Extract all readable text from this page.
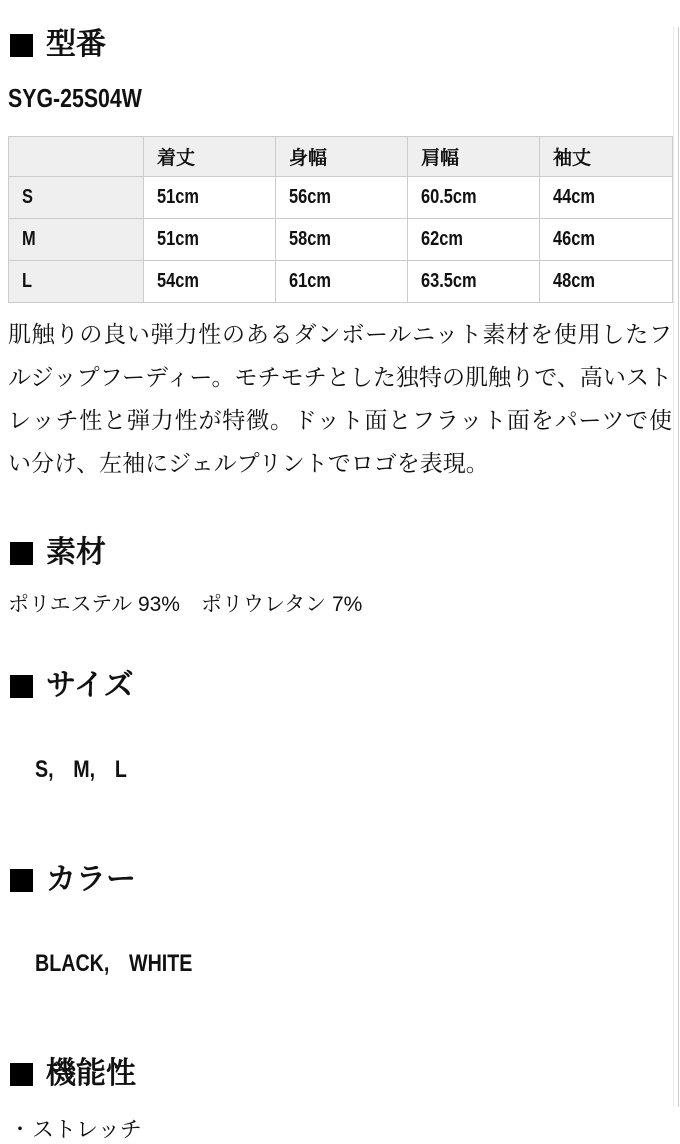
型番

SYG-25S04W

	着丈	身幅	肩幅	袖丈
S	51cm	56cm	60.5cm	44cm
M	51cm	58cm	62cm	46cm
L	54cm	61cm	63.5cm	48cm

肌触りの良い弾力性のあるダンボールニット素材を使用したフルジップフーディー。モチモチとした独特の肌触りで、高いストレッチ性と弾力性が特徴。ドット面とフラット面をパーツで使い分け、左袖にジェルプリントでロゴを表現。

素材

ポリエステル 93%　ポリウレタン 7%

サイズ

S,　M,　L

カラー

BLACK,　WHITE

機能性

・ ストレッチ
